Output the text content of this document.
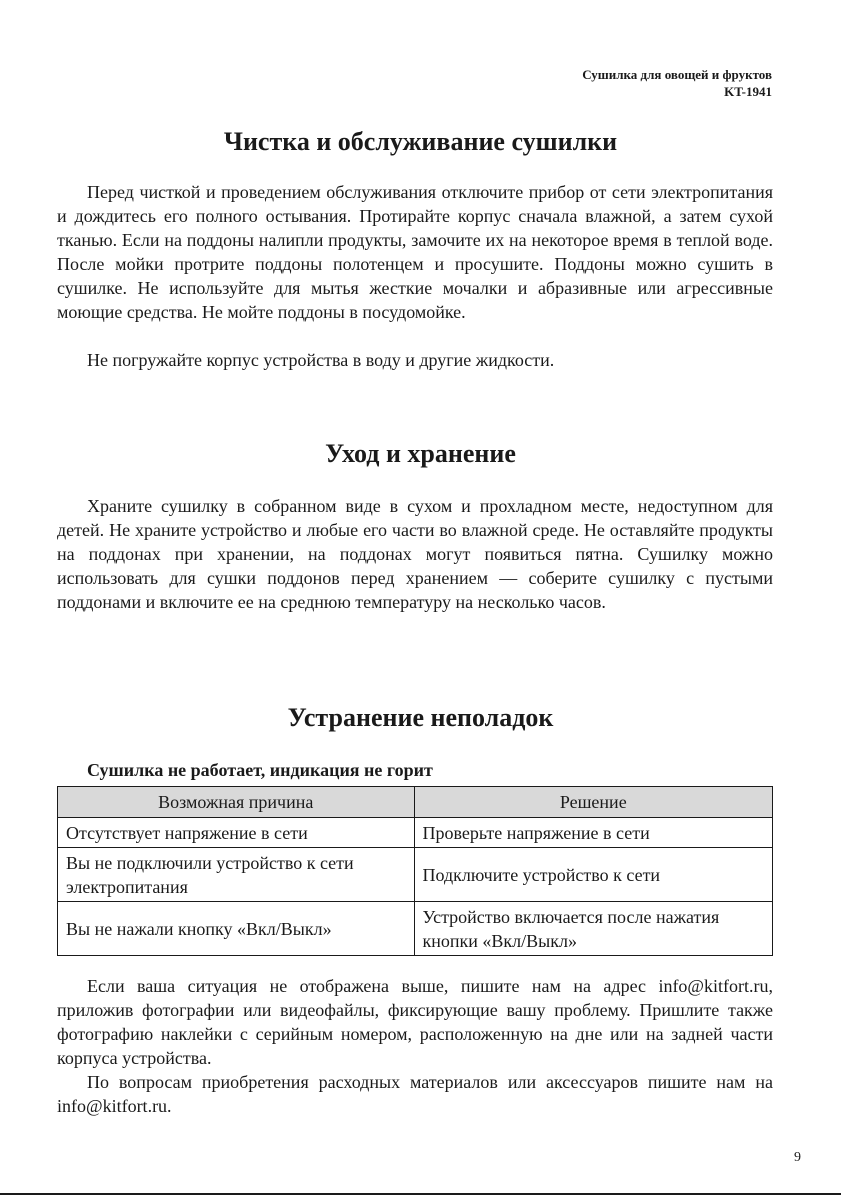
Сушилка для овощей и фруктов
KT-1941
Чистка и обслуживание сушилки

Перед чисткой и проведением обслуживания отключите прибор от сети электропитания и дождитесь его полного остывания. Протирайте корпус сначала влажной, а затем сухой тканью. Если на поддоны налипли продукты, замочите их на некоторое время в теплой воде. После мойки протрите поддоны полотенцем и просушите. Поддоны можно сушить в сушилке. Не используйте для мытья жесткие мочалки и абразивные или агрессивные моющие средства. Не мойте поддоны в посудомойке.

Не погружайте корпус устройства в воду и другие жидкости.

Уход и хранение

Храните сушилку в собранном виде в сухом и прохладном месте, недоступном для детей. Не храните устройство и любые его части во влажной среде. Не оставляйте продукты на поддонах при хранении, на поддонах могут появиться пятна. Сушилку можно использовать для сушки поддонов перед хранением — соберите сушилку с пустыми поддонами и включите ее на среднюю температуру на несколько часов.

Устранение неполадок

Сушилка не работает, индикация не горит

Возможная причина	Решение
Отсутствует напряжение в сети	Проверьте напряжение в сети
Вы не подключили устройство к сети электропитания	Подключите устройство к сети
Вы не нажали кнопку «Вкл/Выкл»	Устройство включается после нажатия кнопки «Вкл/Выкл»

Если ваша ситуация не отображена выше, пишите нам на адрес info@kitfort.ru, приложив фотографии или видеофайлы, фиксирующие вашу проблему. Пришлите также фотографию наклейки с серийным номером, расположенную на дне или на задней части корпуса устройства.

По вопросам приобретения расходных материалов или аксессуаров пишите нам на info@kitfort.ru.

9
